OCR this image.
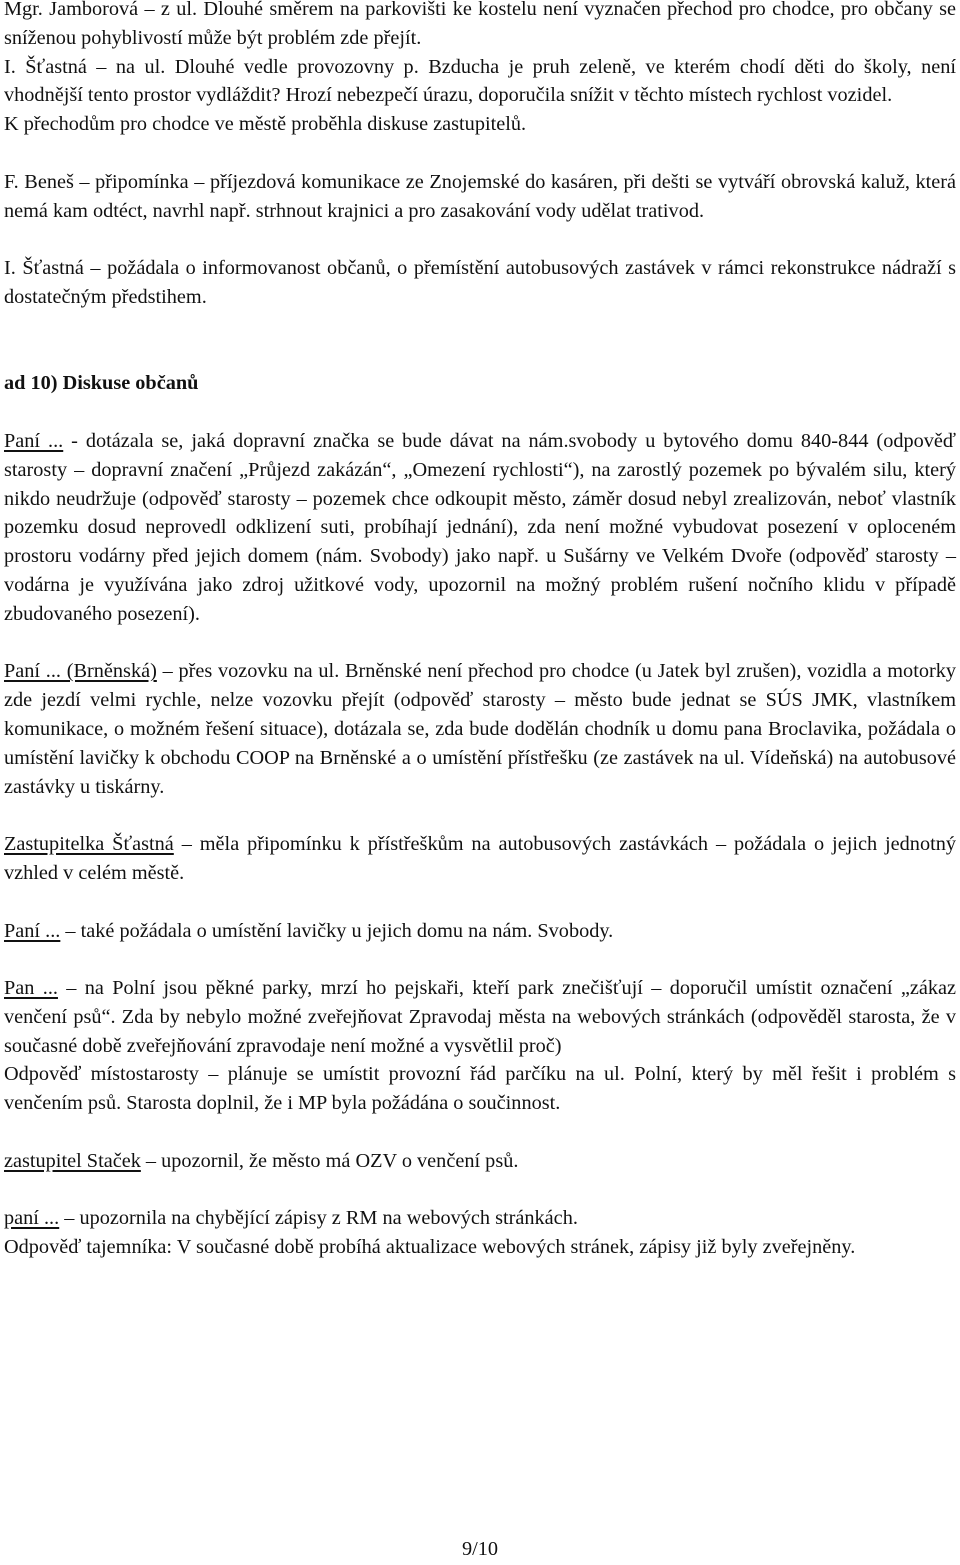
Mgr. Jamborová – z ul. Dlouhé směrem na parkovišti ke kostelu není vyznačen přechod pro chodce, pro občany se sníženou pohyblivostí může být problém zde přejít.

I. Šťastná – na ul. Dlouhé vedle provozovny p. Bzducha je pruh zeleně, ve kterém chodí děti do školy, není vhodnější tento prostor vydláždit? Hrozí nebezpečí úrazu, doporučila snížit v těchto místech rychlost vozidel.

K přechodům pro chodce ve městě proběhla diskuse zastupitelů.

F. Beneš – připomínka – příjezdová komunikace ze Znojemské do kasáren, při dešti se vytváří obrovská kaluž, která nemá kam odtéct, navrhl např. strhnout krajnici a pro zasakování vody udělat trativod.

I. Šťastná – požádala o informovanost občanů, o přemístění autobusových zastávek v rámci rekonstrukce nádraží s dostatečným předstihem.

ad 10) Diskuse občanů

Paní ... - dotázala se, jaká dopravní značka se bude dávat na nám.svobody u bytového domu 840-844 (odpověď starosty – dopravní značení „Průjezd zakázán“, „Omezení rychlosti“), na zarostlý pozemek po bývalém silu, který nikdo neudržuje (odpověď starosty – pozemek chce odkoupit město, záměr dosud nebyl zrealizován, neboť vlastník pozemku dosud neprovedl odklizení suti, probíhají jednání), zda není možné vybudovat posezení v oploceném prostoru vodárny před jejich domem (nám. Svobody) jako např. u Sušárny ve Velkém Dvoře (odpověď starosty – vodárna je využívána jako zdroj užitkové vody, upozornil na možný problém rušení nočního klidu v případě zbudovaného posezení).

Paní ... (Brněnská) – přes vozovku na ul. Brněnské není přechod pro chodce (u Jatek byl zrušen), vozidla a motorky zde jezdí velmi rychle, nelze vozovku přejít (odpověď starosty – město bude jednat se SÚS JMK, vlastníkem komunikace, o možném řešení situace), dotázala se, zda bude dodělán chodník u domu pana Broclavika, požádala o umístění lavičky k obchodu COOP na Brněnské a o umístění přístřešku (ze zastávek na ul. Vídeňská) na autobusové zastávky u tiskárny.

Zastupitelka Šťastná – měla připomínku k přístřeškům na autobusových zastávkách – požádala o jejich jednotný vzhled v celém městě.

Paní ... – také požádala o umístění lavičky u jejich domu na nám. Svobody.

Pan ... – na Polní jsou pěkné parky, mrzí ho pejskaři, kteří park znečišťují – doporučil umístit označení „zákaz venčení psů“. Zda by nebylo možné zveřejňovat Zpravodaj města na webových stránkách (odpověděl starosta, že v současné době zveřejňování zpravodaje není možné a vysvětlil proč)

Odpověď místostarosty – plánuje se umístit provozní řád parčíku na ul. Polní, který by měl řešit i problém s venčením psů. Starosta doplnil, že i MP byla požádána o součinnost.

zastupitel Staček – upozornil, že město má OZV o venčení psů.

paní ... – upozornila na chybějící zápisy z RM na webových stránkách.

Odpověď tajemníka: V současné době probíhá aktualizace webových stránek, zápisy již byly zveřejněny.

9/10
